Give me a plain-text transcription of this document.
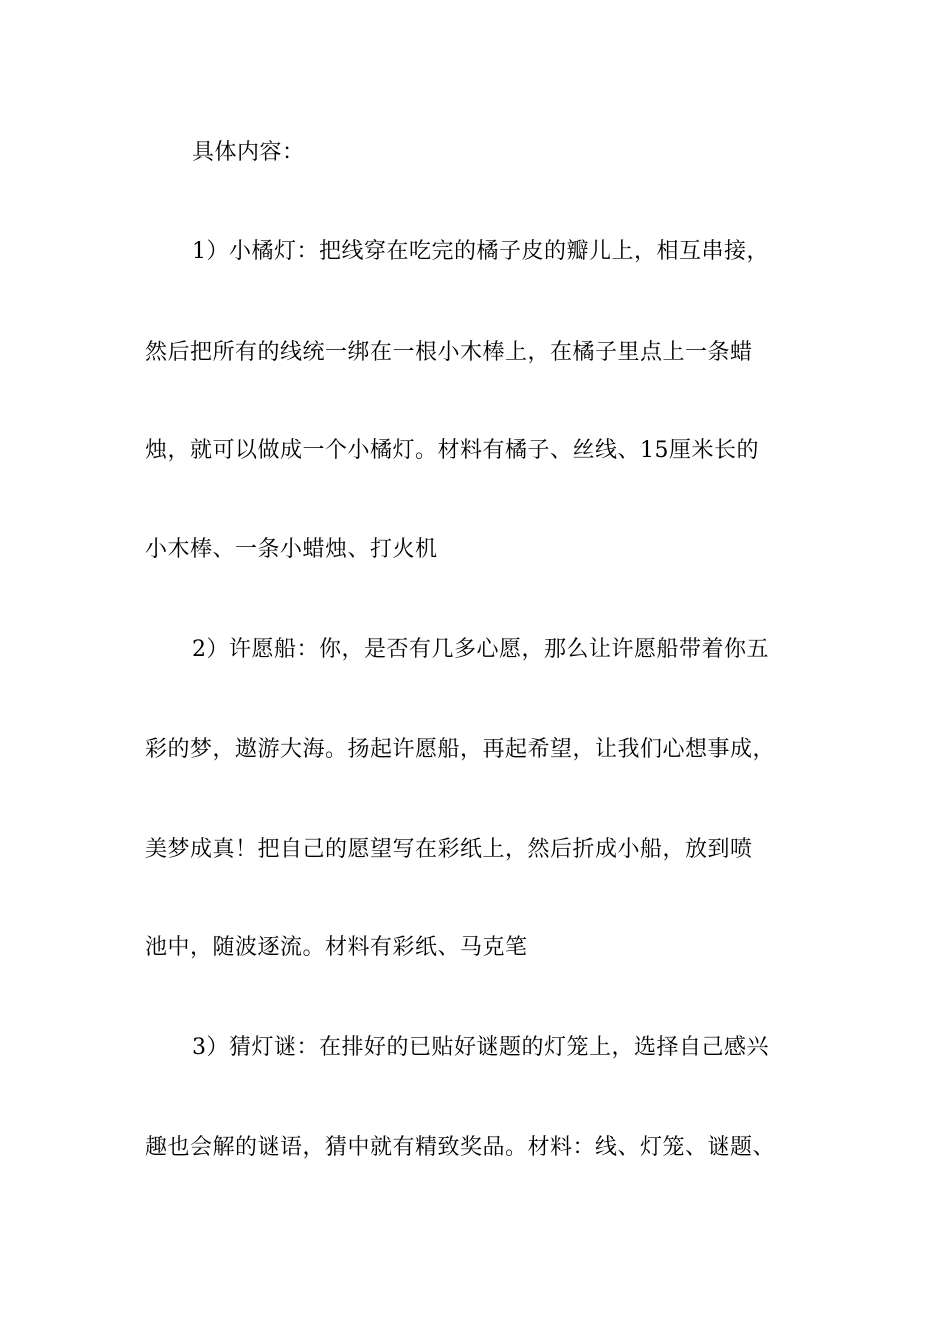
具体内容：
1）小橘灯：把线穿在吃完的橘子皮的瓣儿上，相互串接，
然后把所有的线统一绑在一根小木棒上，在橘子里点上一条蜡
烛，就可以做成一个小橘灯。材料有橘子、丝线、15厘米长的
小木棒、一条小蜡烛、打火机
2）许愿船：你，是否有几多心愿，那么让许愿船带着你五
彩的梦，遨游大海。扬起许愿船，再起希望，让我们心想事成，
美梦成真！把自己的愿望写在彩纸上，然后折成小船，放到喷
池中，随波逐流。材料有彩纸、马克笔
3）猜灯谜：在排好的已贴好谜题的灯笼上，选择自己感兴
趣也会解的谜语，猜中就有精致奖品。材料：线、灯笼、谜题、
